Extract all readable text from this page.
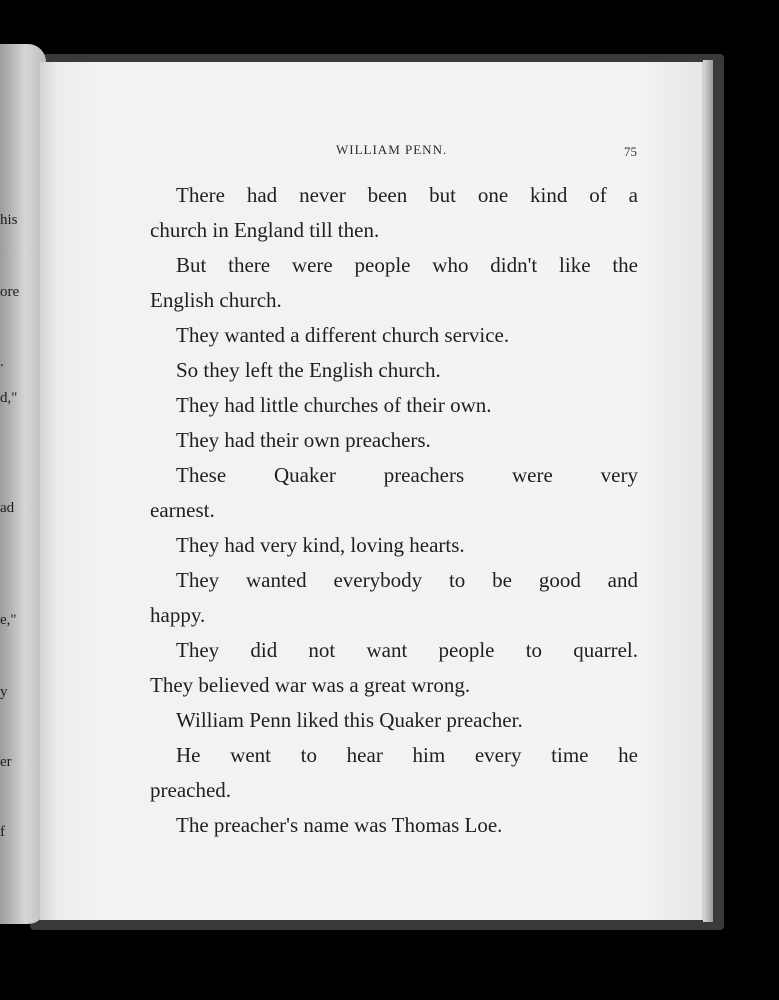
his
ore
.
d,"
ad
e,"
y
er
f
WILLIAM PENN.	75

There had never been but one kind of a
church in England till then.

But there were people who didn't like the
English church.

They wanted a different church service.

So they left the English church.

They had little churches of their own.

They had their own preachers.

These Quaker preachers were very
earnest.

They had very kind, loving hearts.

They wanted everybody to be good and
happy.

They did not want people to quarrel.
They believed war was a great wrong.

William Penn liked this Quaker preacher.

He went to hear him every time he
preached.

The preacher's name was Thomas Loe.
